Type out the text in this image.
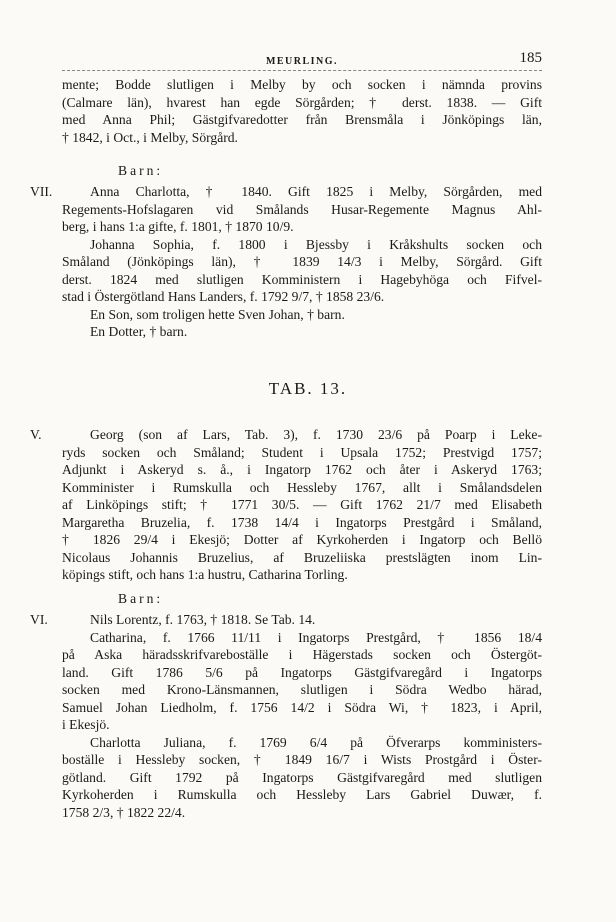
MEURLING.	185
mente; Bodde slutligen i Melby by och socken i nämnda provins
(Calmare län), hvarest han egde Sörgården; † derst. 1838. — Gift
med Anna Phil; Gästgifvaredotter från Brensmåla i Jönköpings län,
† 1842, i Oct., i Melby, Sörgård.
Barn:
VII.	Anna Charlotta, † 1840. Gift 1825 i Melby, Sörgården, med
Regements-Hofslagaren vid Smålands Husar-Regemente Magnus Ahl-
berg, i hans 1:a gifte, f. 1801, † 1870 10/9.
Johanna Sophia, f. 1800 i Bjessby i Kråkshults socken och
Småland (Jönköpings län), † 1839 14/3 i Melby, Sörgård. Gift
derst. 1824 med slutligen Komministern i Hagebyhöga och Fifvel-
stad i Östergötland Hans Landers, f. 1792 9/7, † 1858 23/6.
En Son, som troligen hette Sven Johan, † barn.
En Dotter, † barn.
TAB. 13.
V.	Georg (son af Lars, Tab. 3), f. 1730 23/6 på Poarp i Leke-
ryds socken och Småland; Student i Upsala 1752; Prestvigd 1757;
Adjunkt i Askeryd s. å., i Ingatorp 1762 och åter i Askeryd 1763;
Komminister i Rumskulla och Hessleby 1767, allt i Smålandsdelen
af Linköpings stift; † 1771 30/5. — Gift 1762 21/7 med Elisabeth
Margaretha Bruzelia, f. 1738 14/4 i Ingatorps Prestgård i Småland,
† 1826 29/4 i Ekesjö; Dotter af Kyrkoherden i Ingatorp och Bellö
Nicolaus Johannis Bruzelius, af Bruzeliiska prestslägten inom Lin-
köpings stift, och hans 1:a hustru, Catharina Torling.
Barn:
VI.	Nils Lorentz, f. 1763, † 1818. Se Tab. 14.
Catharina, f. 1766 11/11 i Ingatorps Prestgård, † 1856 18/4
på Aska häradsskrifvareboställe i Hägerstads socken och Östergöt-
land. Gift 1786 5/6 på Ingatorps Gästgifvaregård i Ingatorps
socken med Krono-Länsmannen, slutligen i Södra Wedbo härad,
Samuel Johan Liedholm, f. 1756 14/2 i Södra Wi, † 1823, i April,
i Ekesjö.
Charlotta Juliana, f. 1769 6/4 på Öfverarps komministers-
boställe i Hessleby socken, † 1849 16/7 i Wists Prostgård i Öster-
götland. Gift 1792 på Ingatorps Gästgifvaregård med slutligen
Kyrkoherden i Rumskulla och Hessleby Lars Gabriel Duwær, f.
1758 2/3, † 1822 22/4.
